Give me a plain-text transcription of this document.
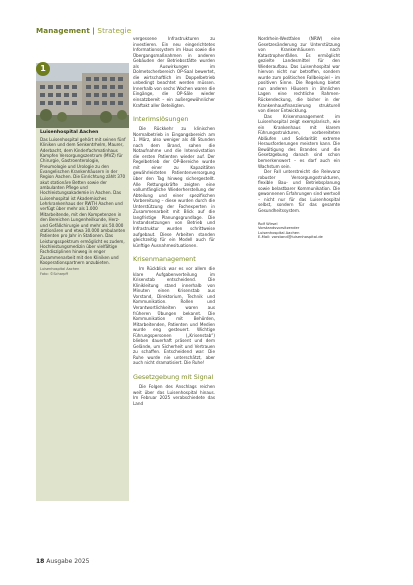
Management | Strategie
1
Luisenhospital Aachen
Das Luisenhospital gehört mit seinen fünf Kliniken und dem Senkentrhelm, Maurer, Aderbacht, dem Kinderfachmatinhaus Kampfen Versorgungszentrum (MVZ) für Chirurgie, Gastroenterologie, Pneumologie und Urologie zu den Evangelischen Krankenhäusern in der Region Aachen. Die Einrichtung zählt 370 akut stationäre Betten sowie der ambulanten Pflege und Hochleistungsakademie in Aachen. Das Luisenhospital ist Akademisches Lehrkrankenhaus der RWTH Aachen und verfügt über mehr als 1.000 Mitarbeitende, mit den Kompetenzen in den Bereichen Lungenheilkunde, Herz- und Gefäßchirurgie und mehr als 50.000 stationären und etwa 30.000 ambulanten Patienten pro Jahr in Stationen. Das Leistungsspektrum ermöglicht es zudem, Hochleistungsmedizin über vielfältige Fachdisziplinen hinweg in enger Zusammenarbeit mit den Kliniken und Kooperationspartnern anzubieten.
Luisenhospital Aachen
Foto: ©Scharpff

vergessene Infrastrukturen zu investieren. Ein neu eingerichtetes Informationssystem im Haus sowie die Übergangsmaßnahmen in anderen Gebäuden der Betriebsstätte wurden als Auswirkungen im Dolmetscherbereich OP-Saal bewertet, die wirtschaftlich im Doppelbetrieb unbedingt beachtet werden müssen. Innerhalb von sechs Wochen waren die Eingänge, die OP-Säle wieder einsatzbereit – ein außergewöhnlicher Kraftakt aller Beteiligten.

Interimslösungen

Die Rückkehr zu klinischen Normalbetrieb in Eingangsbereich am 1. März, also weniger als 48 Stunden nach dem Brand, sahen die Notaufnahme und die Intensivstation die ersten Patienten wieder auf. Der Regelbetrieb der OP-Bereiche wurde mit einer zu Kapazitäten gewährleisteten Patientenversorgung über den Tag hinweg sichergestellt. Alle Rettungskräfte zeigten eine vollumfängliche Wiederherstellung der Abteilung und einer spezifischen Vorbereitung – diese wurden durch die Unterstützung der Fachexperten in Zusammenarbeit mit Blick auf die langfristige Planungsgrundlage. Die Instandsetzungen von Betrieb und Infrastruktur wurden schrittweise aufgebaut. Diese Arbeiten standen gleichzeitig für ein Modell auch für künftige Ausnahmesituationen.

Krisenmanagement

Im Rückblick war es vor allem die klare Aufgabenverteilung im Krisenstab entscheidend. Die Klinikleitung stand innerhalb von Minuten einen Krisenstab aus Vorstand, Direktorium, Technik und Kommunikation. Rollen und Verantwortlichkeiten waren aus früheren Übungen bekannt. Die Kommunikation mit Behörden, Mitarbeitenden, Patienten und Medien wurde eng gesteuert. Wichtige Führungspersonen („Krisenstab“) blieben dauerhaft präsent und dem Gelände, um Sicherheit und Vertrauen zu schaffen. Entscheidend war: Die Ruhe wurde nie unterschätzt, aber auch nicht dramatisiert. Die Ruhe!

Gesetzgebung mit Signal

Die Folgen des Anschlags reichen weit über das Luisenhospital hinaus. Im Februar 2025 verabschiedete das Land

Nordrhein-Westfalen (NRW) eine Gesetzesänderung zur Unterstützung von Krankenhäusern nach Katastrophenfällen. Es ermöglicht gezielte Landesmittel für den Wiederaufbau. Das Luisenhospital war hiervon nicht nur betroffen, sondern wurde zum politischen Fallbeispiel – im positiven Sinne. Die Regelung bietet nun anderen Häusern in ähnlichen Lagen eine rechtliche Rahmen-Rückendeckung, die bisher in der Krankenhausfinanzierung strukturell von dieser Entwicklung.

Das Krisenmanagement im Luisenhospital zeigt exemplarisch, wie ein Krankenhaus mit klarem Führungsstrukturen, vorbereiteten Abläufen und Solidarität extreme Herausforderungen meistern kann. Die Bewältigung des Brandes und die Gesetzgebung danach sind schon bemerkenswert – es darf auch ein Wachstum sein.

Der Fall unterstreicht die Relevanz robuster Versorgungsstrukturen, flexible Bau- und Betriebsplanung sowie belastbarer Kommunikation. Die gewonnenen Erfahrungen sind wertvoll – nicht nur für das Luisenhospital selbst, sondern für das gesamte Gesundheitssystem.

Rolf Wirsel
Vorstandsvorsitzender
Luisenhospital Aachen
E-Mail: vorstand@luisenhospital.de

18 Ausgabe 2025
